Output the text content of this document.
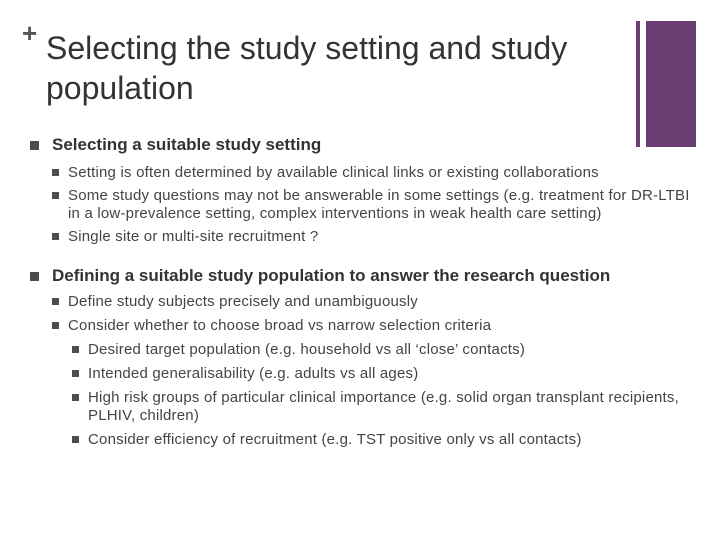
+ Selecting the study setting and study population
Selecting a suitable study setting
Setting is often determined by available clinical links or existing collaborations
Some study questions may not be answerable in some settings (e.g. treatment for DR-LTBI in a low-prevalence setting, complex interventions in weak health care setting)
Single site or multi-site recruitment ?
Defining a suitable study population to answer the research question
Define study subjects precisely and unambiguously
Consider whether to choose broad vs narrow selection criteria
Desired target population (e.g. household vs all ‘close’ contacts)
Intended generalisability (e.g. adults vs all ages)
High risk groups of particular clinical importance (e.g. solid organ transplant recipients, PLHIV, children)
Consider efficiency of recruitment (e.g. TST positive only vs all contacts)
